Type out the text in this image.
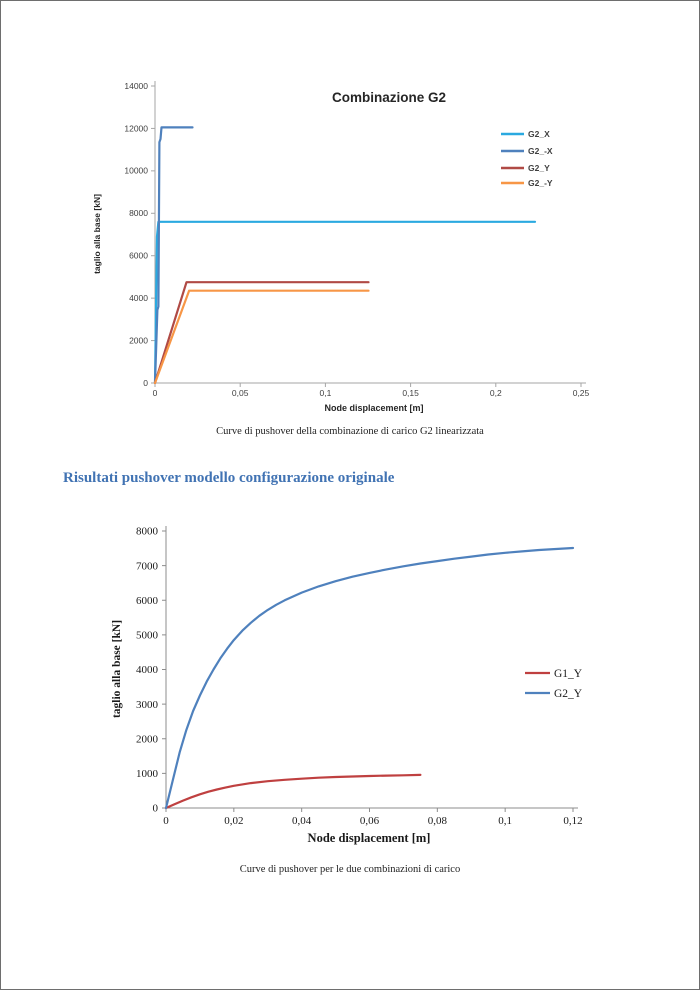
0	0,05	0,1	0,15	0,2	0,25
0
2000
4000
6000
8000
10000
12000
14000
Combinazione G2
Node displacement [m]
taglio alla base [kN]
G2_X
G2_-X
G2_Y
G2_-Y
0	0,02	0,04	0,06	0,08	0,1	0,12
0
1000
2000
3000
4000
5000
6000
7000
8000
Node displacement [m]
taglio alla base [kN]	G1_Y
G2_Y
Curve di pushover della combinazione di carico G2 linearizzata
Risultati pushover modello configurazione originale
Curve di pushover per le due combinazioni di carico
